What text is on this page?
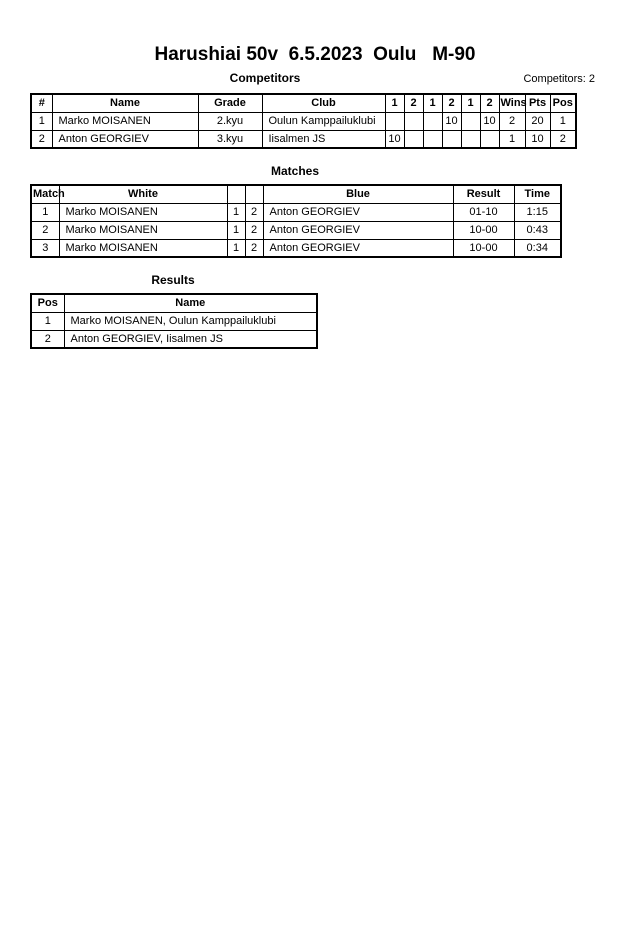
Harushiai 50v  6.5.2023  Oulu   M-90
Competitors	Competitors: 2
#	Name	Grade	Club	1	2	1	2	1	2	Wins	Pts	Pos
1	Marko MOISANEN	2.kyu	Oulun Kamppailuklubi				10		10	2	20	1
2	Anton GEORGIEV	3.kyu	Iisalmen JS	10						1	10	2
Matches
Match	White			Blue	Result	Time
1	Marko MOISANEN	1	2	Anton GEORGIEV	01-10	1:15
2	Marko MOISANEN	1	2	Anton GEORGIEV	10-00	0:43
3	Marko MOISANEN	1	2	Anton GEORGIEV	10-00	0:34
Results
Pos	Name
1	Marko MOISANEN, Oulun Kamppailuklubi
2	Anton GEORGIEV, Iisalmen JS
